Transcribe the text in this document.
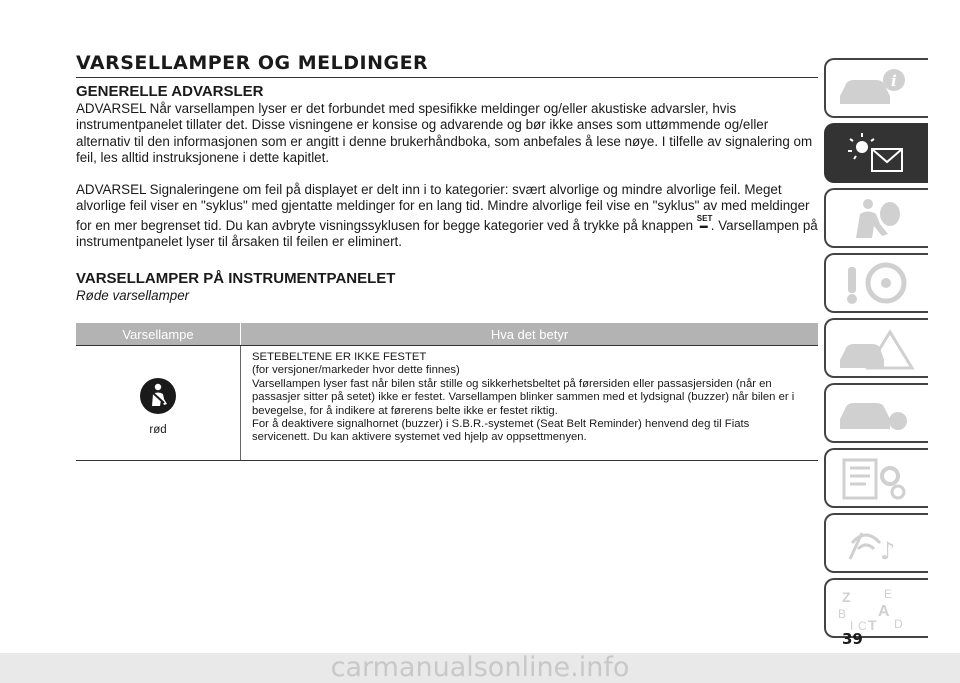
VARSELLAMPER OG MELDINGER
GENERELLE ADVARSLER

ADVARSEL Når varsellampen lyser er det forbundet med spesifikke meldinger og/eller akustiske advarsler, hvis instrumentpanelet tillater det. Disse visningene er konsise og advarende og bør ikke anses som uttømmende og/eller alternativ til den informasjonen som er angitt i denne brukerhåndboka, som anbefales å lese nøye. I tilfelle av signalering om feil, les alltid instruksjonene i dette kapitlet.

ADVARSEL Signaleringene om feil på displayet er delt inn i to kategorier: svært alvorlige og mindre alvorlige feil. Meget alvorlige feil viser en "syklus" med gjentatte meldinger for en lang tid. Mindre alvorlige feil vise en "syklus" av med meldinger for en mer begrenset tid. Du kan avbryte visningssyklusen for begge kategorier ved å trykke på knappen SET
▬ . Varsellampen på instrumentpanelet lyser til årsaken til feilen er eliminert.

VARSELLAMPER PÅ INSTRUMENTPANELET

Røde varsellamper

Varsellampe	Hva det betyr
rød
SETEBELTENE ER IKKE FESTET
(for versjoner/markeder hvor dette finnes)
Varsellampen lyser fast når bilen står stille og sikkerhetsbeltet på førersiden eller passasjersiden (når en passasjer sitter på setet) ikke er festet. Varsellampen blinker sammen med et lydsignal (buzzer) når bilen er i bevegelse, for å indikere at førerens belte ikke er festet riktig.
For å deaktivere signalhornet (buzzer) i S.B.R.-systemet (Seat Belt Reminder) henvend deg til Fiats servicenett. Du kan aktivere systemet ved hjelp av oppsettmenyen.
i
♪
Z	E
A
B
C D
I T
39
carmanualsonline.info
